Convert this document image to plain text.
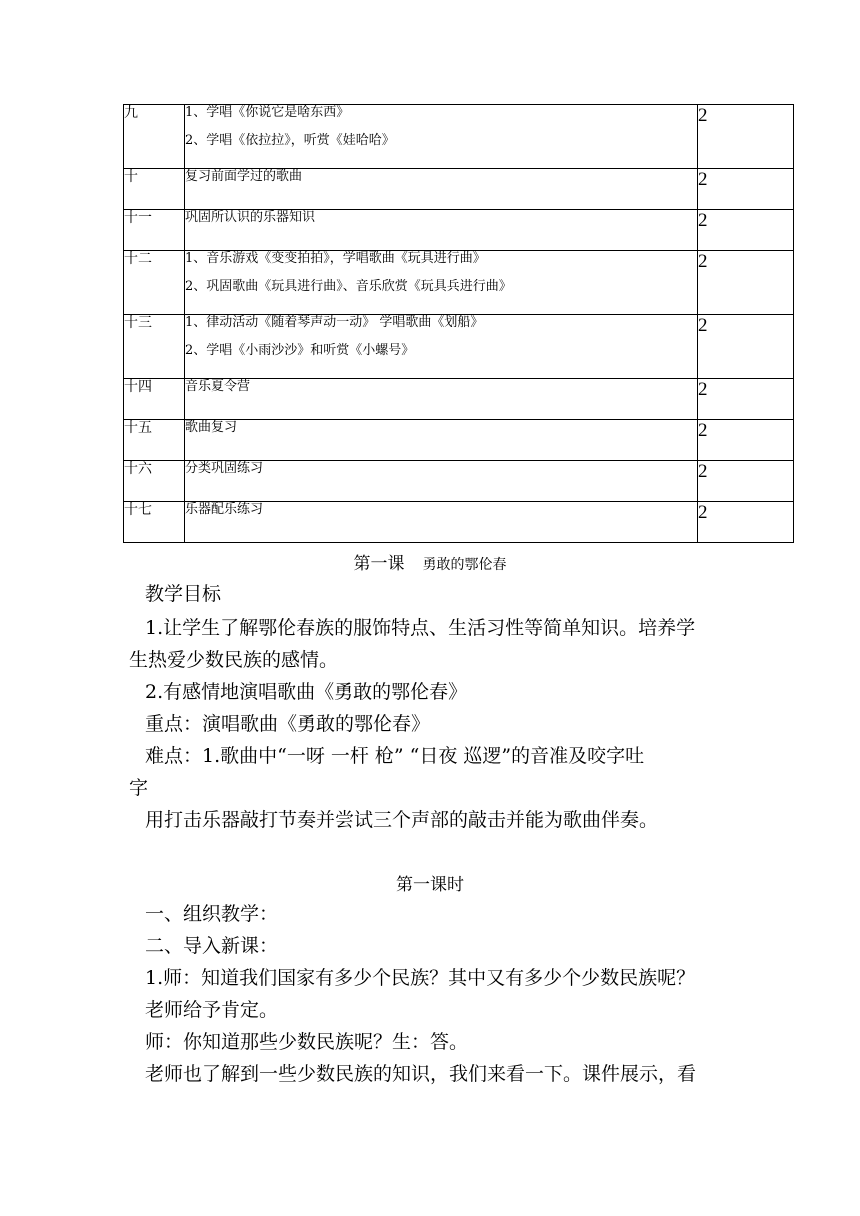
九	1、学唱《你说它是啥东西》
2、学唱《依拉拉》，听赏《娃哈哈》	2
十	复习前面学过的歌曲	2
十一	巩固所认识的乐器知识	2
十二	1、音乐游戏《变变拍拍》，学唱歌曲《玩具进行曲》
2、巩固歌曲《玩具进行曲》、音乐欣赏《玩具兵进行曲》	2
十三	1、律动活动《随着琴声动一动》 学唱歌曲《划船》
2、学唱《小雨沙沙》和听赏《小螺号》	2
十四	音乐夏令营	2
十五	歌曲复习	2
十六	分类巩固练习	2
十七	乐器配乐练习	2
第一课 勇敢的鄂伦春

教学目标

1.让学生了解鄂伦春族的服饰特点、生活习性等简单知识。培养学

生热爱少数民族的感情。

2.有感情地演唱歌曲《勇敢的鄂伦春》

重点：演唱歌曲《勇敢的鄂伦春》

难点：1.歌曲中“一呀 一杆 枪” “日夜 巡逻”的音准及咬字吐

字

用打击乐器敲打节奏并尝试三个声部的敲击并能为歌曲伴奏。

第一课时

一、组织教学：

二、导入新课：

1.师：知道我们国家有多少个民族？其中又有多少个少数民族呢？

老师给予肯定。

师：你知道那些少数民族呢？生：答。

老师也了解到一些少数民族的知识，我们来看一下。课件展示，看
